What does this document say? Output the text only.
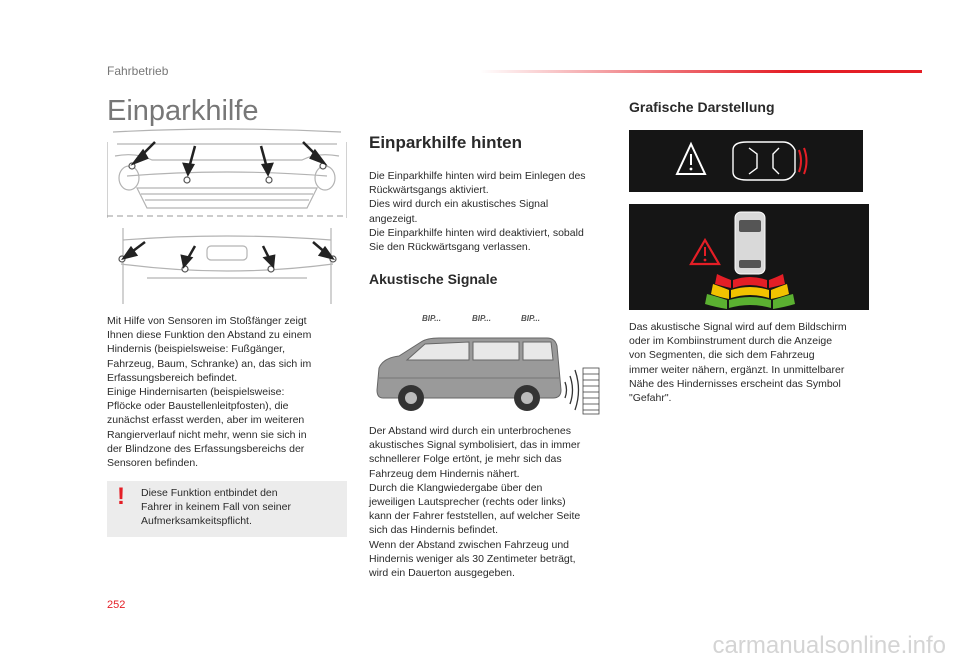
Fahrbetrieb
Einparkhilfe
Mit Hilfe von Sensoren im Stoßfänger zeigt
Ihnen diese Funktion den Abstand zu einem
Hindernis (beispielsweise: Fußgänger,
Fahrzeug, Baum, Schranke) an, das sich im
Erfassungsbereich befindet.
Einige Hindernisarten (beispielsweise:
Pflöcke oder Baustellenleitpfosten), die
zunächst erfasst werden, aber im weiteren
Rangierverlauf nicht mehr, wenn sie sich in
der Blindzone des Erfassungsbereichs der
Sensoren befinden.
! Diese Funktion entbindet den
Fahrer in keinem Fall von seiner
Aufmerksamkeitspflicht.
Einparkhilfe hinten
Die Einparkhilfe hinten wird beim Einlegen des
Rückwärtsgangs aktiviert.
Dies wird durch ein akustisches Signal
angezeigt.
Die Einparkhilfe hinten wird deaktiviert, sobald
Sie den Rückwärtsgang verlassen.
Akustische Signale
BIP...	BIP...	BIP...
Der Abstand wird durch ein unterbrochenes
akustisches Signal symbolisiert, das in immer
schnellerer Folge ertönt, je mehr sich das
Fahrzeug dem Hindernis nähert.
Durch die Klangwiedergabe über den
jeweiligen Lautsprecher (rechts oder links)
kann der Fahrer feststellen, auf welcher Seite
sich das Hindernis befindet.
Wenn der Abstand zwischen Fahrzeug und
Hindernis weniger als 30 Zentimeter beträgt,
wird ein Dauerton ausgegeben.
Grafische Darstellung
Das akustische Signal wird auf dem Bildschirm
oder im Kombiinstrument durch die Anzeige
von Segmenten, die sich dem Fahrzeug
immer weiter nähern, ergänzt. In unmittelbarer
Nähe des Hindernisses erscheint das Symbol
"Gefahr".
252
carmanualsonline.info
